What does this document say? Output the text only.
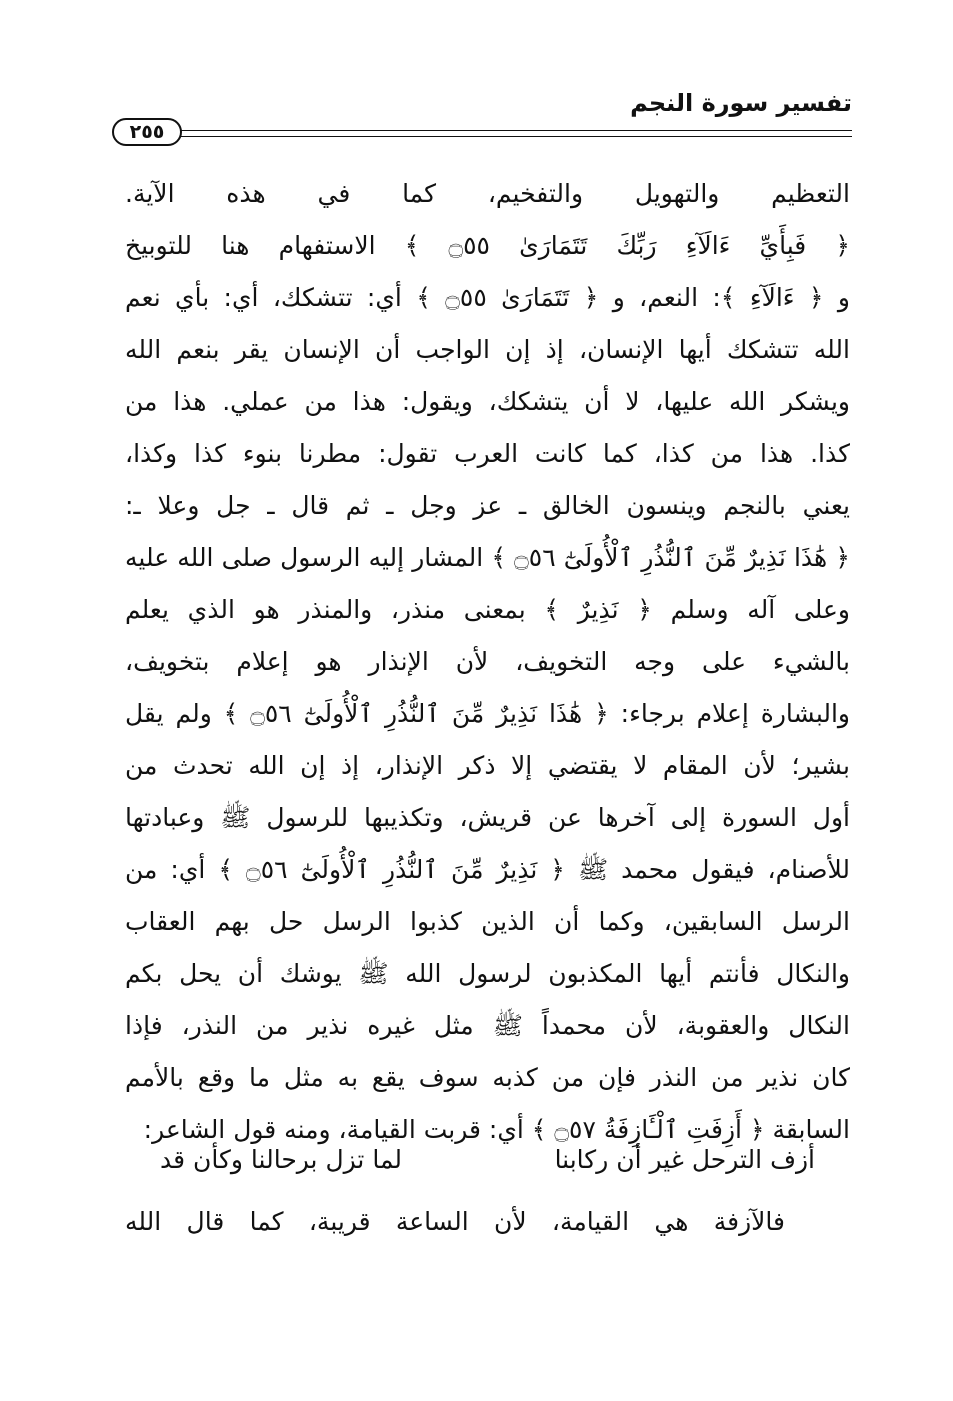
تفسير سورة النجم
٢٥٥
التعظيم والتهويل والتفخيم، كما في هذه الآية.
﴿ فَبِأَيِّ ءَالَآءِ رَبِّكَ تَتَمَارَىٰ ۝٥٥ ﴾ الاستفهام هنا للتوبيخ
و ﴿ ءَالَآءِ ﴾: النعم، و ﴿ تَتَمَارَىٰ ۝٥٥ ﴾ أي: تتشكك، أي: بأي نعم
الله تتشكك أيها الإنسان، إذ إن الواجب أن الإنسان يقر بنعم الله
ويشكر الله عليها، لا أن يتشكك، ويقول: هذا من عملي. هذا من
كذا. هذا من كذا، كما كانت العرب تقول: مطرنا بنوء كذا وكذا،
يعني بالنجم وينسون الخالق ـ عز وجل ـ ثم قال ـ جل وعلا ـ:
﴿ هَٰذَا نَذِيرٌ مِّنَ ٱلنُّذُرِ ٱلْأُولَىٰٓ ۝٥٦ ﴾ المشار إليه الرسول صلى الله عليه
وعلى آله وسلم ﴿ نَذِيرٌ ﴾ بمعنى منذر، والمنذر هو الذي يعلم
بالشيء على وجه التخويف، لأن الإنذار هو إعلام بتخويف،
والبشارة إعلام برجاء: ﴿ هَٰذَا نَذِيرٌ مِّنَ ٱلنُّذُرِ ٱلْأُولَىٰٓ ۝٥٦ ﴾ ولم يقل
بشير؛ لأن المقام لا يقتضي إلا ذكر الإنذار، إذ إن الله تحدث من
أول السورة إلى آخرها عن قريش، وتكذيبها للرسول ﷺ وعبادتها
للأصنام، فيقول محمد ﷺ ﴿ نَذِيرٌ مِّنَ ٱلنُّذُرِ ٱلْأُولَىٰٓ ۝٥٦ ﴾ أي: من
الرسل السابقين، وكما أن الذين كذبوا الرسل حل بهم العقاب
والنكال فأنتم أيها المكذبون لرسول الله ﷺ يوشك أن يحل بكم
النكال والعقوبة، لأن محمداً ﷺ مثل غيره نذير من النذر، فإذا
كان نذير من النذر فإن من كذبه سوف يقع به مثل ما وقع بالأمم
السابقة ﴿ أَزِفَتِ ٱلْـَٔازِفَةُ ۝٥٧ ﴾ أي: قربت القيامة، ومنه قول الشاعر:
أزف الترحل غير أن ركابنا
لما تزل برحالنا وكأن قد
فالآزفة هي القيامة، لأن الساعة قريبة، كما قال الله
